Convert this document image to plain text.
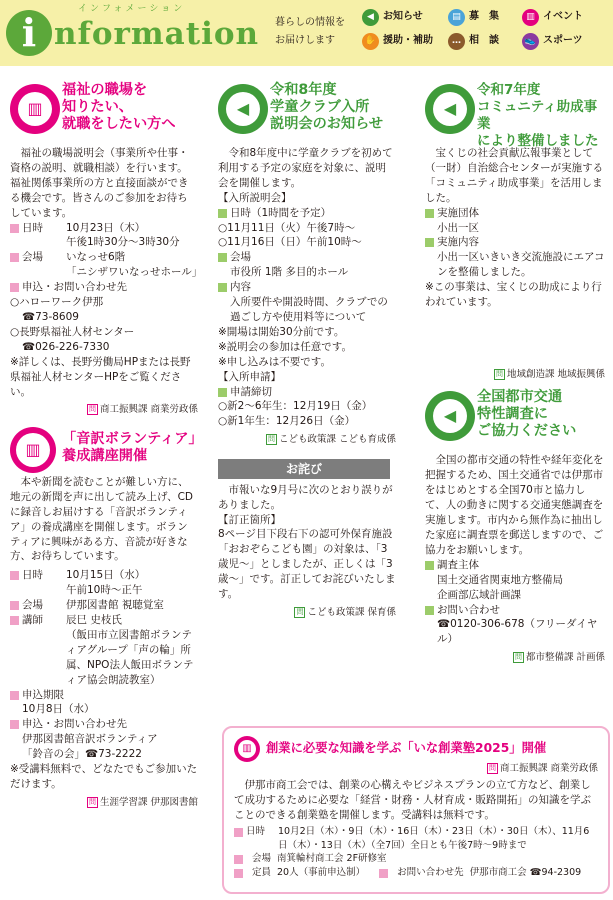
インフォメーション
i nformation 暮らしの情報を
お届けします
◀ お知らせ	▤ 募　集	▥ イベント
✋ 援助・補助	… 相　談	👟 スポーツ
▥
福祉の職場を
知りたい、
就職をしたい方へ

福祉の職場説明会（事業所や仕事・資格の説明、就職相談）を行います。福祉関係事業所の方と直接面談ができる機会です。皆さんのご参加をお待ちしています。

日時	10月23日（木）
午後1時30分～3時30分
会場	いなっせ6階
「ニシザワいなっせホール」
申込・お問い合わせ先
○ハローワーク伊那
☎73-8609
○長野県福祉人材センター
☎026-226-7330
※詳しくは、長野労働局HPまたは長野県福祉人材センターHPをご覧ください。
問 商工振興課 商業労政係
▥
「音訳ボランティア」
養成講座開催

本や新聞を読むことが難しい方に、地元の新聞を声に出して読み上げ、CDに録音しお届けする「音訳ボランティア」の養成講座を開催します。ボランティアに興味がある方、音読が好きな方、お待ちしています。

日時	10月15日（水）
午前10時～正午
会場	伊那図書館 視聴覚室
講師	辰巳 史枝氏
（飯田市立図書館ボランティアグループ「声の輪」所属、NPO法人飯田ボランティア協会朗読教室）
申込期限
10月8日（水）
申込・お問い合わせ先
伊那図書館音訳ボランティア
「鈴音の会」☎73-2222
※受講料無料で、どなたでもご参加いただけます。
問 生涯学習課 伊那図書館
◀
令和8年度
学童クラブ入所
説明会のお知らせ

令和8年度中に学童クラブを初めて利用する予定の家庭を対象に、説明会を開催します。

【入所説明会】
日時（1時間を予定）
○11月11日（火）午後7時～
○11月16日（日）午前10時～
会場
市役所 1階 多目的ホール
内容
入所要件や開設時間、クラブでの過ごし方や使用料等について
※開場は開始30分前です。
※説明会の参加は任意です。
※申し込みは不要です。
【入所申請】
申請締切
○新2～6年生：12月19日（金）
○新1年生：12月26日（金）
問 こども政策課 こども育成係
お詫び

市報いな9月号に次のとおり誤りがありました。

【訂正箇所】
8ページ目下段右下の認可外保育施設「おおぞらこども園」の対象は、「3歳児～」としましたが、正しくは「3歳～」です。訂正してお詫びいたします。
問 こども政策課 保育係
◀
令和7年度
コミュニティ助成事業
により整備しました

宝くじの社会貢献広報事業として（一財）自治総合センターが実施する「コミュニティ助成事業」を活用しました。

実施団体
小出一区
実施内容
小出一区いきいき交流施設にエアコンを整備しました。
※この事業は、宝くじの助成により行われています。
問 地域創造課 地域振興係
◀
全国都市交通
特性調査に
ご協力ください

全国の都市交通の特性や経年変化を把握するため、国土交通省では伊那市をはじめとする全国70市と協力して、人の動きに関する交通実態調査を実施します。市内から無作為に抽出した家庭に調査票を郵送しますので、ご協力をお願いします。

調査主体
国土交通省関東地方整備局
企画部広域計画課
お問い合わせ
☎0120-306-678（フリーダイヤル）
問 都市整備課 計画係
▥	創業に必要な知識を学ぶ「いな創業塾2025」開催
問 商工振興課 商業労政係

伊那市商工会では、創業の心構えやビジネスプランの立て方など、創業して成功するために必要な「経営・財務・人材育成・販路開拓」の知識を学ぶことのできる創業塾を開催します。受講料は無料です。

日時	10月2日（木）・9日（木）・16日（木）・23日（木）・30日（木）、11月6日（木）・13日（木）（全7回）全日とも午後7時～9時まで
会場 南箕輪村商工会 2F研修室
定員 20人（事前申込制）	お問い合わせ先 伊那市商工会 ☎94-2309
